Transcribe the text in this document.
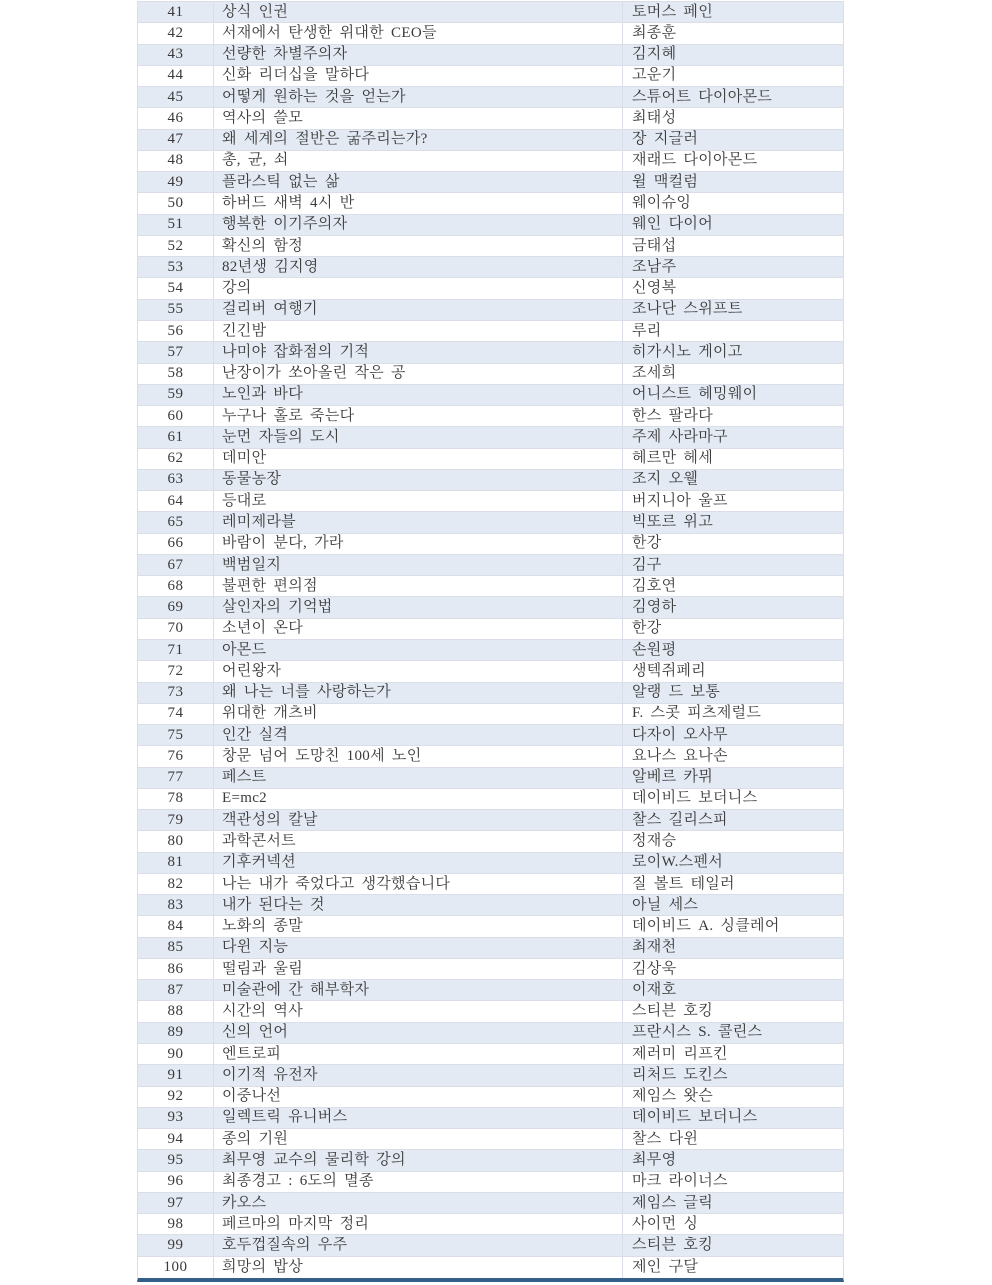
41	상식 인권	토머스 페인
42	서재에서 탄생한 위대한 CEO들	최종훈
43	선량한 차별주의자	김지혜
44	신화 리더십을 말하다	고운기
45	어떻게 원하는 것을 얻는가	스튜어트 다이아몬드
46	역사의 쓸모	최태성
47	왜 세계의 절반은 굶주리는가?	장 지글러
48	총, 균, 쇠	재래드 다이아몬드
49	플라스틱 없는 삶	윌 맥컬럼
50	하버드 새벽 4시 반	웨이슈잉
51	행복한 이기주의자	웨인 다이어
52	확신의 함정	금태섭
53	82년생 김지영	조남주
54	강의	신영복
55	걸리버 여행기	조나단 스위프트
56	긴긴밤	루리
57	나미야 잡화점의 기적	히가시노 게이고
58	난장이가 쏘아올린 작은 공	조세희
59	노인과 바다	어니스트 헤밍웨이
60	누구나 홀로 죽는다	한스 팔라다
61	눈먼 자들의 도시	주제 사라마구
62	데미안	헤르만 헤세
63	동물농장	조지 오웰
64	등대로	버지니아 울프
65	레미제라블	빅또르 위고
66	바람이 분다, 가라	한강
67	백범일지	김구
68	불편한 편의점	김호연
69	살인자의 기억법	김영하
70	소년이 온다	한강
71	아몬드	손원평
72	어린왕자	생텍쥐페리
73	왜 나는 너를 사랑하는가	알랭 드 보통
74	위대한 개츠비	F. 스콧 피츠제럴드
75	인간 실격	다자이 오사무
76	창문 넘어 도망친 100세 노인	요나스 요나손
77	페스트	알베르 카뮈
78	E=mc2	데이비드 보더니스
79	객관성의 칼날	찰스 길리스피
80	과학콘서트	정재승
81	기후커넥션	로이W.스펜서
82	나는 내가 죽었다고 생각했습니다	질 볼트 테일러
83	내가 된다는 것	아닐 세스
84	노화의 종말	데이비드 A. 싱클레어
85	다윈 지능	최재천
86	떨림과 울림	김상욱
87	미술관에 간 해부학자	이재호
88	시간의 역사	스티븐 호킹
89	신의 언어	프란시스 S. 콜린스
90	엔트로피	제러미 리프킨
91	이기적 유전자	리처드 도킨스
92	이중나선	제임스 왓슨
93	일렉트릭 유니버스	데이비드 보더니스
94	종의 기원	찰스 다윈
95	최무영 교수의 물리학 강의	최무영
96	최종경고 : 6도의 멸종	마크 라이너스
97	카오스	제임스 글릭
98	페르마의 마지막 정리	사이먼 싱
99	호두껍질속의 우주	스티븐 호킹
100	희망의 밥상	제인 구달
